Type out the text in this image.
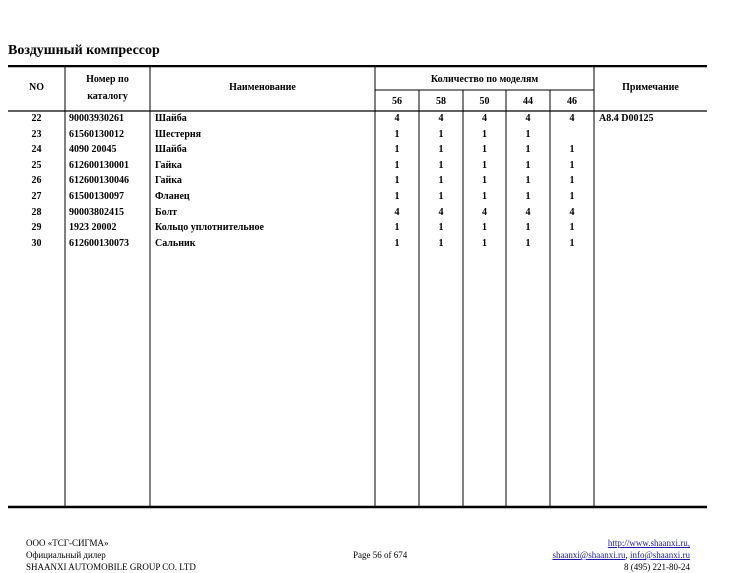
Воздушный компрессор
NO
Номер по
каталогу
Наименование
Количество по моделям
Примечание
56	58	50	44	46
22	90003930261	Шайба	4	4	4	4	4	A8.4 D00125
23	61560130012	Шестерня	1	1	1	1
24	4090 20045	Шайба	1	1	1	1	1
25	612600130001	Гайка	1	1	1	1	1
26	612600130046	Гайка	1	1	1	1	1
27	61500130097	Фланец	1	1	1	1	1
28	90003802415	Болт	4	4	4	4	4
29	1923 20002	Кольцо уплотнительное	1	1	1	1	1
30	612600130073	Сальник	1	1	1	1	1
ООО «ТСГ-СИГМА»
Официальный дилер
SHAANXI AUTOMOBILE GROUP CO. LTD
Page 56 of 674
http://www.shaanxi.ru,
shaanxi@shaanxi.ru, info@shaanxi.ru
8 (495) 221-80-24
